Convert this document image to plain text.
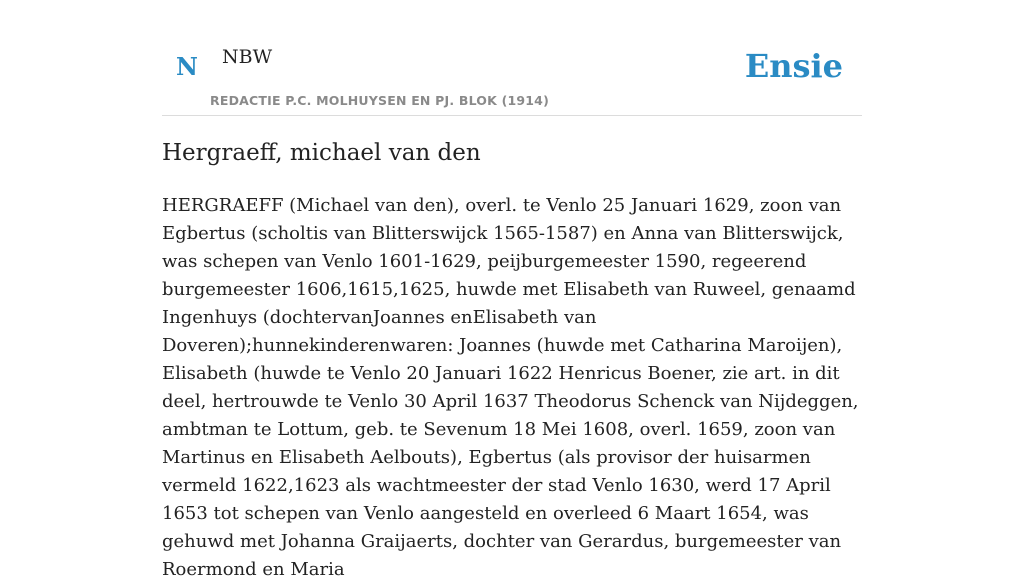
N NBW
REDACTIE P.C. MOLHUYSEN EN PJ. BLOK (1914)
Ensie
Hergraeff, michael van den

HERGRAEFF (Michael van den), overl. te Venlo 25 Januari 1629, zoon van Egbertus (scholtis van Blitterswijck 1565-1587) en Anna van Blitterswijck, was schepen van Venlo 1601-1629, peijburgemeester 1590, regeerend burgemeester 1606,1615,1625, huwde met Elisabeth van Ruweel, genaamd Ingenhuys (dochtervanJoannes enElisabeth van Doveren);hunnekinderenwaren: Joannes (huwde met Catharina Maroijen), Elisabeth (huwde te Venlo 20 Januari 1622 Henricus Boener, zie art. in dit deel, hertrouwde te Venlo 30 April 1637 Theodorus Schenck van Nijdeggen, ambtman te Lottum, geb. te Sevenum 18 Mei 1608, overl. 1659, zoon van Martinus en Elisabeth Aelbouts), Egbertus (als provisor der huisarmen vermeld 1622,1623 als wachtmeester der stad Venlo 1630, werd 17 April 1653 tot schepen van Venlo aangesteld en overleed 6 Maart 1654, was gehuwd met Johanna Graijaerts, dochter van Gerardus, burgemeester van Roermond en Maria
